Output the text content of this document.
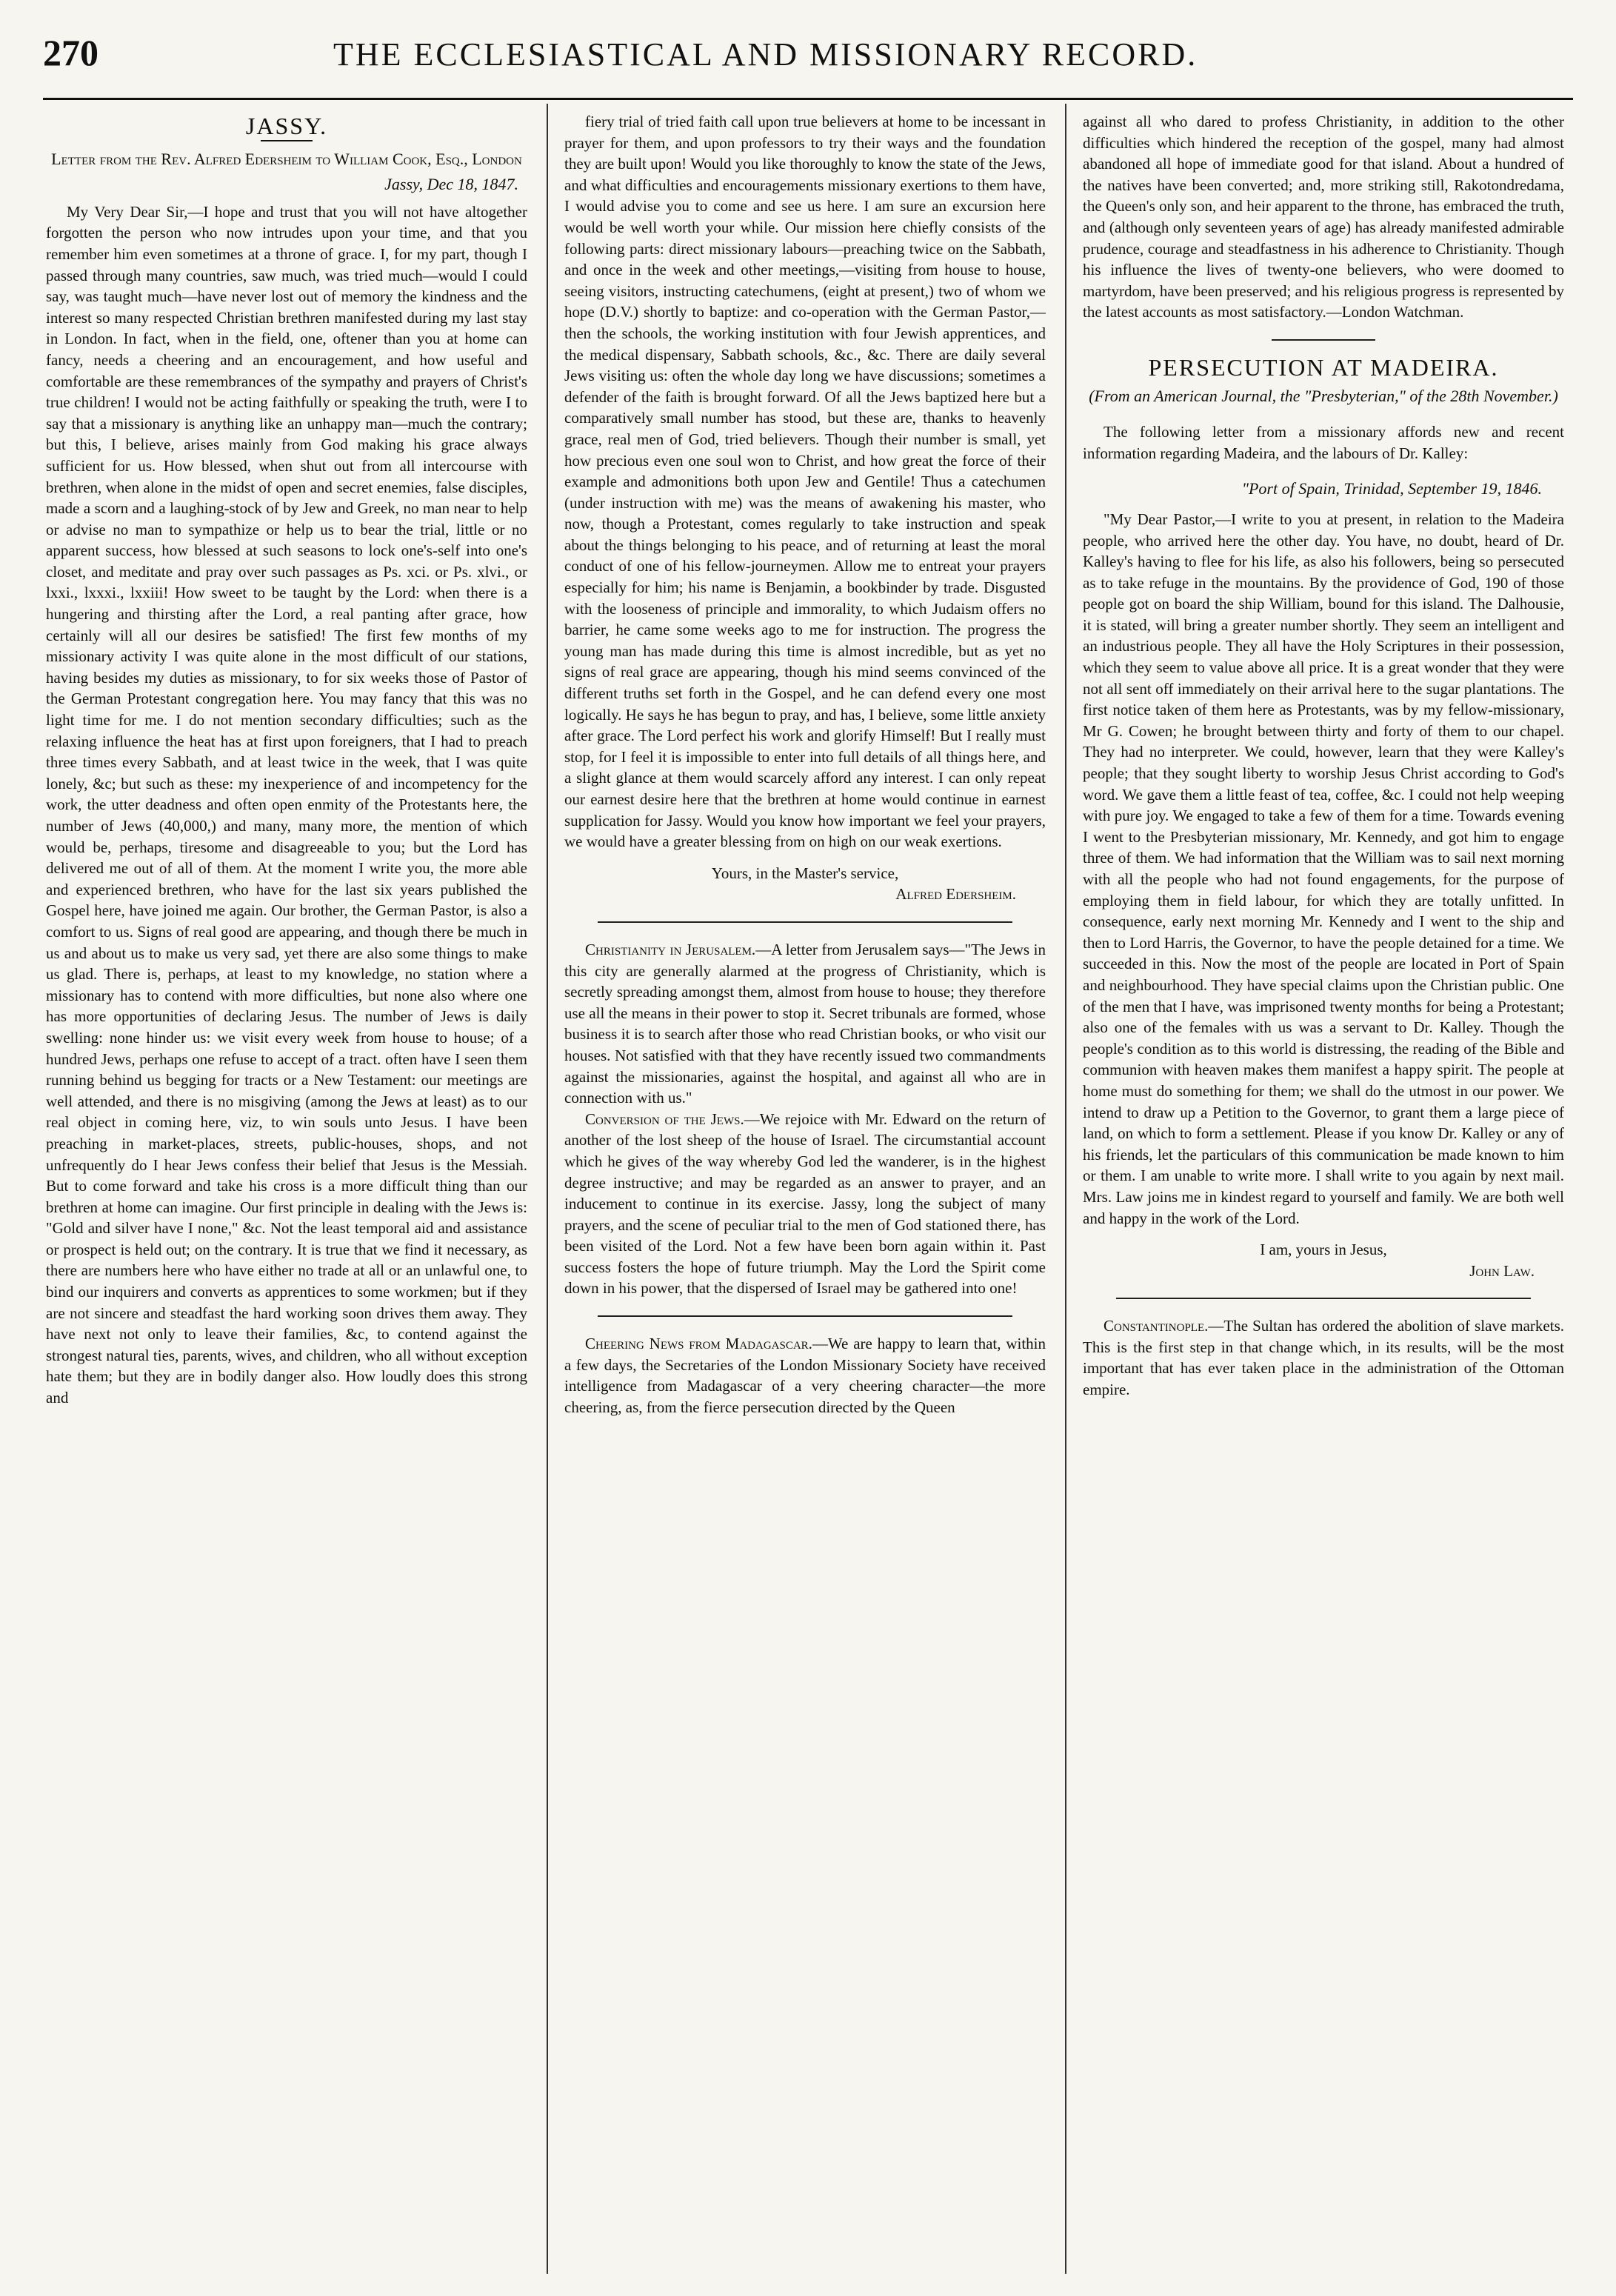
270	THE ECCLESIASTICAL AND MISSIONARY RECORD.
JASSY.
Letter from the Rev. Alfred Edersheim to William Cook, Esq., London
Jassy, Dec 18, 1847.

My Very Dear Sir,—I hope and trust that you will not have altogether forgotten the person who now intrudes upon your time, and that you remember him even sometimes at a throne of grace. I, for my part, though I passed through many countries, saw much, was tried much—would I could say, was taught much—have never lost out of memory the kindness and the interest so many respected Christian brethren manifested during my last stay in London. In fact, when in the field, one, oftener than you at home can fancy, needs a cheering and an encouragement, and how useful and comfortable are these remembrances of the sympathy and prayers of Christ's true children! I would not be acting faithfully or speaking the truth, were I to say that a missionary is anything like an unhappy man—much the contrary; but this, I believe, arises mainly from God making his grace always sufficient for us. How blessed, when shut out from all intercourse with brethren, when alone in the midst of open and secret enemies, false disciples, made a scorn and a laughing-stock of by Jew and Greek, no man near to help or advise no man to sympathize or help us to bear the trial, little or no apparent success, how blessed at such seasons to lock one's-self into one's closet, and meditate and pray over such passages as Ps. xci. or Ps. xlvi., or lxxi., lxxxi., lxxiii! How sweet to be taught by the Lord: when there is a hungering and thirsting after the Lord, a real panting after grace, how certainly will all our desires be satisfied! The first few months of my missionary activity I was quite alone in the most difficult of our stations, having besides my duties as missionary, to for six weeks those of Pastor of the German Protestant congregation here. You may fancy that this was no light time for me. I do not mention secondary difficulties; such as the relaxing influence the heat has at first upon foreigners, that I had to preach three times every Sabbath, and at least twice in the week, that I was quite lonely, &c; but such as these: my inexperience of and incompetency for the work, the utter deadness and often open enmity of the Protestants here, the number of Jews (40,000,) and many, many more, the mention of which would be, perhaps, tiresome and disagreeable to you; but the Lord has delivered me out of all of them. At the moment I write you, the more able and experienced brethren, who have for the last six years published the Gospel here, have joined me again. Our brother, the German Pastor, is also a comfort to us. Signs of real good are appearing, and though there be much in us and about us to make us very sad, yet there are also some things to make us glad. There is, perhaps, at least to my knowledge, no station where a missionary has to contend with more difficulties, but none also where one has more opportunities of declaring Jesus. The number of Jews is daily swelling: none hinder us: we visit every week from house to house; of a hundred Jews, perhaps one refuse to accept of a tract. often have I seen them running behind us begging for tracts or a New Testament: our meetings are well attended, and there is no misgiving (among the Jews at least) as to our real object in coming here, viz, to win souls unto Jesus. I have been preaching in market-places, streets, public-houses, shops, and not unfrequently do I hear Jews confess their belief that Jesus is the Messiah. But to come forward and take his cross is a more difficult thing than our brethren at home can imagine. Our first principle in dealing with the Jews is: "Gold and silver have I none," &c. Not the least temporal aid and assistance or prospect is held out; on the contrary. It is true that we find it necessary, as there are numbers here who have either no trade at all or an unlawful one, to bind our inquirers and converts as apprentices to some workmen; but if they are not sincere and steadfast the hard working soon drives them away. They have next not only to leave their families, &c, to contend against the strongest natural ties, parents, wives, and children, who all without exception hate them; but they are in bodily danger also. How loudly does this strong and

fiery trial of tried faith call upon true believers at home to be incessant in prayer for them, and upon professors to try their ways and the foundation they are built upon! Would you like thoroughly to know the state of the Jews, and what difficulties and encouragements missionary exertions to them have, I would advise you to come and see us here. I am sure an excursion here would be well worth your while. Our mission here chiefly consists of the following parts: direct missionary labours—preaching twice on the Sabbath, and once in the week and other meetings,—visiting from house to house, seeing visitors, instructing catechumens, (eight at present,) two of whom we hope (D.V.) shortly to baptize: and co-operation with the German Pastor,—then the schools, the working institution with four Jewish apprentices, and the medical dispensary, Sabbath schools, &c., &c. There are daily several Jews visiting us: often the whole day long we have discussions; sometimes a defender of the faith is brought forward. Of all the Jews baptized here but a comparatively small number has stood, but these are, thanks to heavenly grace, real men of God, tried believers. Though their number is small, yet how precious even one soul won to Christ, and how great the force of their example and admonitions both upon Jew and Gentile! Thus a catechumen (under instruction with me) was the means of awakening his master, who now, though a Protestant, comes regularly to take instruction and speak about the things belonging to his peace, and of returning at least the moral conduct of one of his fellow-journeymen. Allow me to entreat your prayers especially for him; his name is Benjamin, a bookbinder by trade. Disgusted with the looseness of principle and immorality, to which Judaism offers no barrier, he came some weeks ago to me for instruction. The progress the young man has made during this time is almost incredible, but as yet no signs of real grace are appearing, though his mind seems convinced of the different truths set forth in the Gospel, and he can defend every one most logically. He says he has begun to pray, and has, I believe, some little anxiety after grace. The Lord perfect his work and glorify Himself! But I really must stop, for I feel it is impossible to enter into full details of all things here, and a slight glance at them would scarcely afford any interest. I can only repeat our earnest desire here that the brethren at home would continue in earnest supplication for Jassy. Would you know how important we feel your prayers, we would have a greater blessing from on high on our weak exertions.

Yours, in the Master's service,
Alfred Edersheim.

Christianity in Jerusalem.—A letter from Jerusalem says—"The Jews in this city are generally alarmed at the progress of Christianity, which is secretly spreading amongst them, almost from house to house; they therefore use all the means in their power to stop it. Secret tribunals are formed, whose business it is to search after those who read Christian books, or who visit our houses. Not satisfied with that they have recently issued two commandments against the missionaries, against the hospital, and against all who are in connection with us."

Conversion of the Jews.—We rejoice with Mr. Edward on the return of another of the lost sheep of the house of Israel. The circumstantial account which he gives of the way whereby God led the wanderer, is in the highest degree instructive; and may be regarded as an answer to prayer, and an inducement to continue in its exercise. Jassy, long the subject of many prayers, and the scene of peculiar trial to the men of God stationed there, has been visited of the Lord. Not a few have been born again within it. Past success fosters the hope of future triumph. May the Lord the Spirit come down in his power, that the dispersed of Israel may be gathered into one!

Cheering News from Madagascar.—We are happy to learn that, within a few days, the Secretaries of the London Missionary Society have received intelligence from Madagascar of a very cheering character—the more cheering, as, from the fierce persecution directed by the Queen

against all who dared to profess Christianity, in addition to the other difficulties which hindered the reception of the gospel, many had almost abandoned all hope of immediate good for that island. About a hundred of the natives have been converted; and, more striking still, Rakotondredama, the Queen's only son, and heir apparent to the throne, has embraced the truth, and (although only seventeen years of age) has already manifested admirable prudence, courage and steadfastness in his adherence to Christianity. Though his influence the lives of twenty-one believers, who were doomed to martyrdom, have been preserved; and his religious progress is represented by the latest accounts as most satisfactory.—London Watchman.

PERSECUTION AT MADEIRA.
(From an American Journal, the "Presbyterian," of the 28th November.)

The following letter from a missionary affords new and recent information regarding Madeira, and the labours of Dr. Kalley:

"Port of Spain, Trinidad, September 19, 1846.

"My Dear Pastor,—I write to you at present, in relation to the Madeira people, who arrived here the other day. You have, no doubt, heard of Dr. Kalley's having to flee for his life, as also his followers, being so persecuted as to take refuge in the mountains. By the providence of God, 190 of those people got on board the ship William, bound for this island. The Dalhousie, it is stated, will bring a greater number shortly. They seem an intelligent and an industrious people. They all have the Holy Scriptures in their possession, which they seem to value above all price. It is a great wonder that they were not all sent off immediately on their arrival here to the sugar plantations. The first notice taken of them here as Protestants, was by my fellow-missionary, Mr G. Cowen; he brought between thirty and forty of them to our chapel. They had no interpreter. We could, however, learn that they were Kalley's people; that they sought liberty to worship Jesus Christ according to God's word. We gave them a little feast of tea, coffee, &c. I could not help weeping with pure joy. We engaged to take a few of them for a time. Towards evening I went to the Presbyterian missionary, Mr. Kennedy, and got him to engage three of them. We had information that the William was to sail next morning with all the people who had not found engagements, for the purpose of employing them in field labour, for which they are totally unfitted. In consequence, early next morning Mr. Kennedy and I went to the ship and then to Lord Harris, the Governor, to have the people detained for a time. We succeeded in this. Now the most of the people are located in Port of Spain and neighbourhood. They have special claims upon the Christian public. One of the men that I have, was imprisoned twenty months for being a Protestant; also one of the females with us was a servant to Dr. Kalley. Though the people's condition as to this world is distressing, the reading of the Bible and communion with heaven makes them manifest a happy spirit. The people at home must do something for them; we shall do the utmost in our power. We intend to draw up a Petition to the Governor, to grant them a large piece of land, on which to form a settlement. Please if you know Dr. Kalley or any of his friends, let the particulars of this communication be made known to him or them. I am unable to write more. I shall write to you again by next mail. Mrs. Law joins me in kindest regard to yourself and family. We are both well and happy in the work of the Lord.

I am, yours in Jesus,
John Law.

Constantinople.—The Sultan has ordered the abolition of slave markets. This is the first step in that change which, in its results, will be the most important that has ever taken place in the administration of the Ottoman empire.
